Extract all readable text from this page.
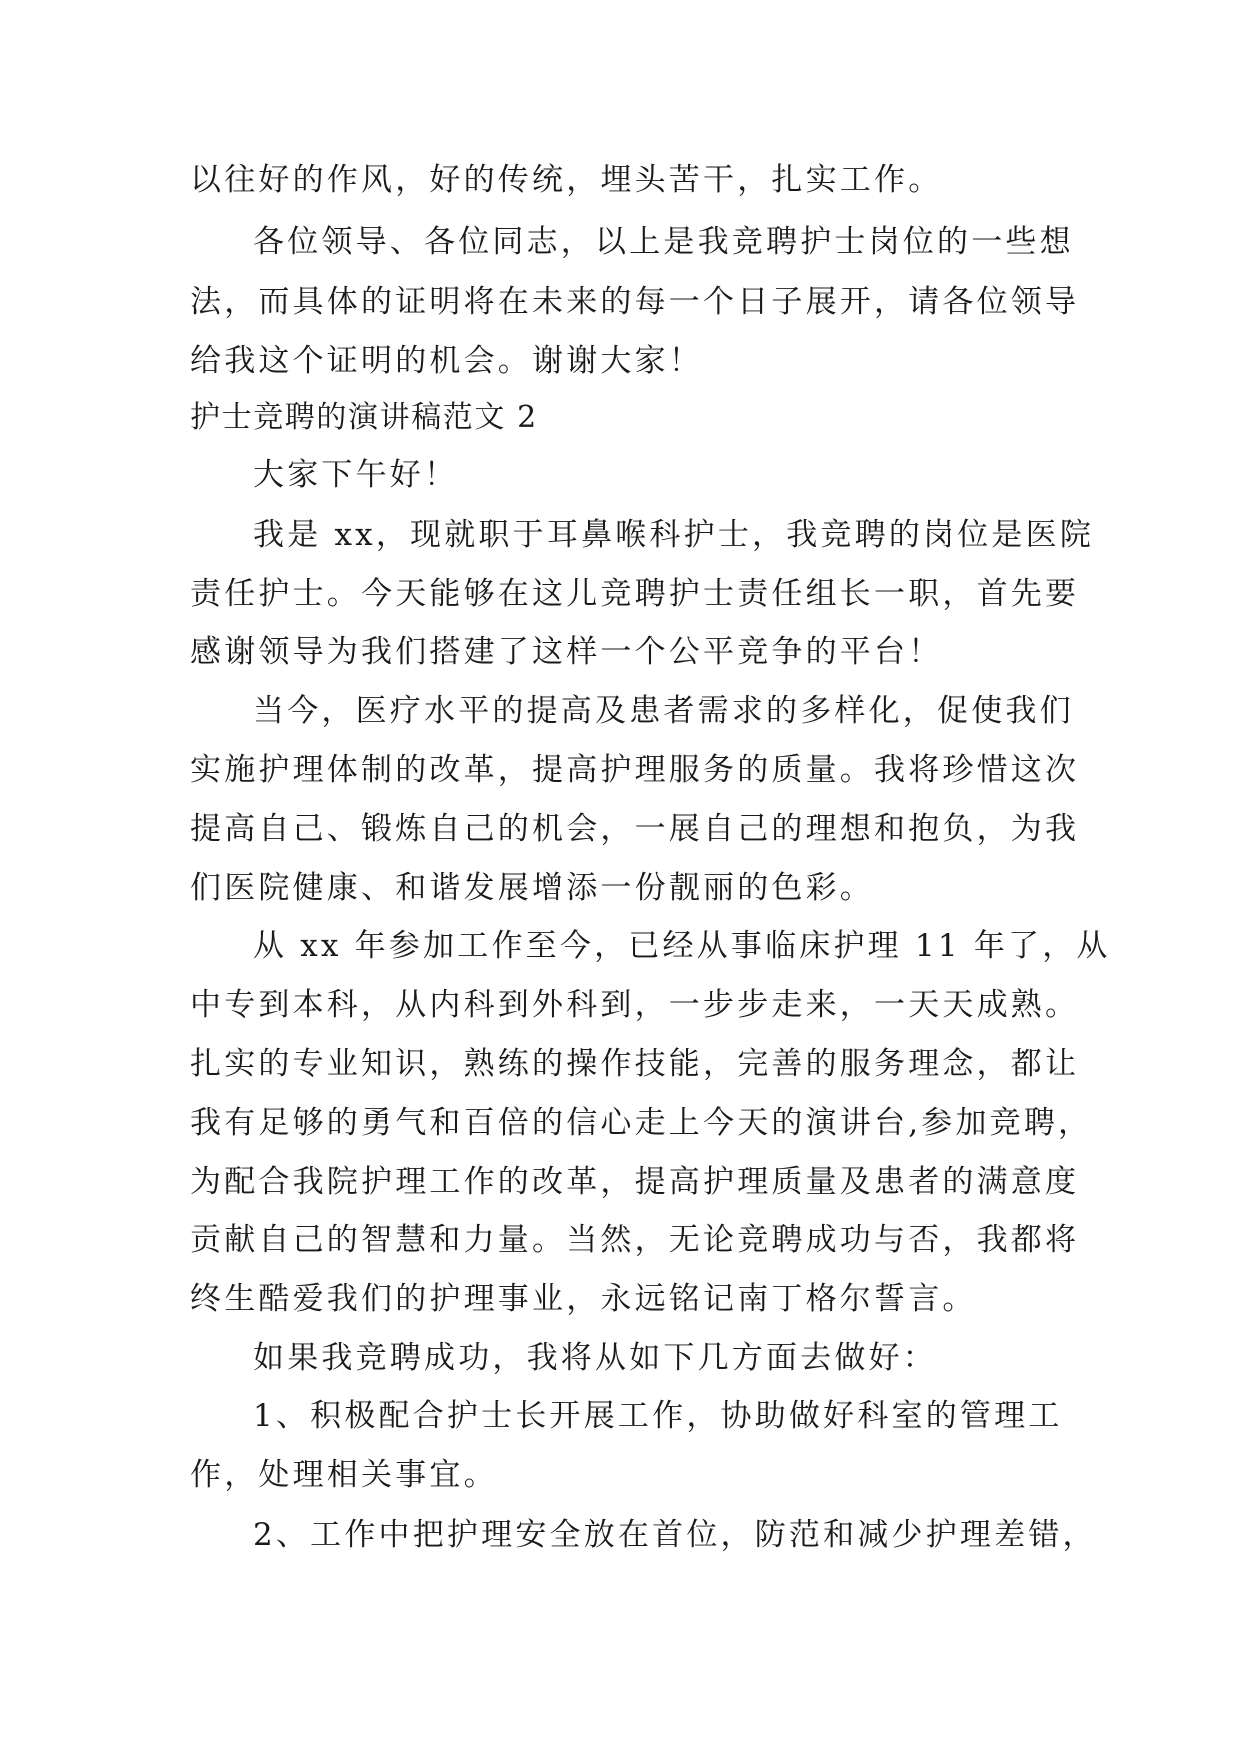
以往好的作风，好的传统，埋头苦干，扎实工作。
各位领导、各位同志，以上是我竞聘护士岗位的一些想
法，而具体的证明将在未来的每一个日子展开，请各位领导
给我这个证明的机会。谢谢大家！
护士竞聘的演讲稿范文 2
大家下午好！
我是 xx，现就职于耳鼻喉科护士，我竞聘的岗位是医院
责任护士。今天能够在这儿竞聘护士责任组长一职，首先要
感谢领导为我们搭建了这样一个公平竞争的平台！
当今，医疗水平的提高及患者需求的多样化，促使我们
实施护理体制的改革，提高护理服务的质量。我将珍惜这次
提高自己、锻炼自己的机会，一展自己的理想和抱负，为我
们医院健康、和谐发展增添一份靓丽的色彩。
从 xx 年参加工作至今，已经从事临床护理 11 年了，从
中专到本科，从内科到外科到，一步步走来，一天天成熟。
扎实的专业知识，熟练的操作技能，完善的服务理念，都让
我有足够的勇气和百倍的信心走上今天的演讲台,参加竞聘，
为配合我院护理工作的改革，提高护理质量及患者的满意度
贡献自己的智慧和力量。当然，无论竞聘成功与否，我都将
终生酷爱我们的护理事业，永远铭记南丁格尔誓言。
如果我竞聘成功，我将从如下几方面去做好：
1、积极配合护士长开展工作，协助做好科室的管理工
作，处理相关事宜。
2、工作中把护理安全放在首位，防范和减少护理差错，
